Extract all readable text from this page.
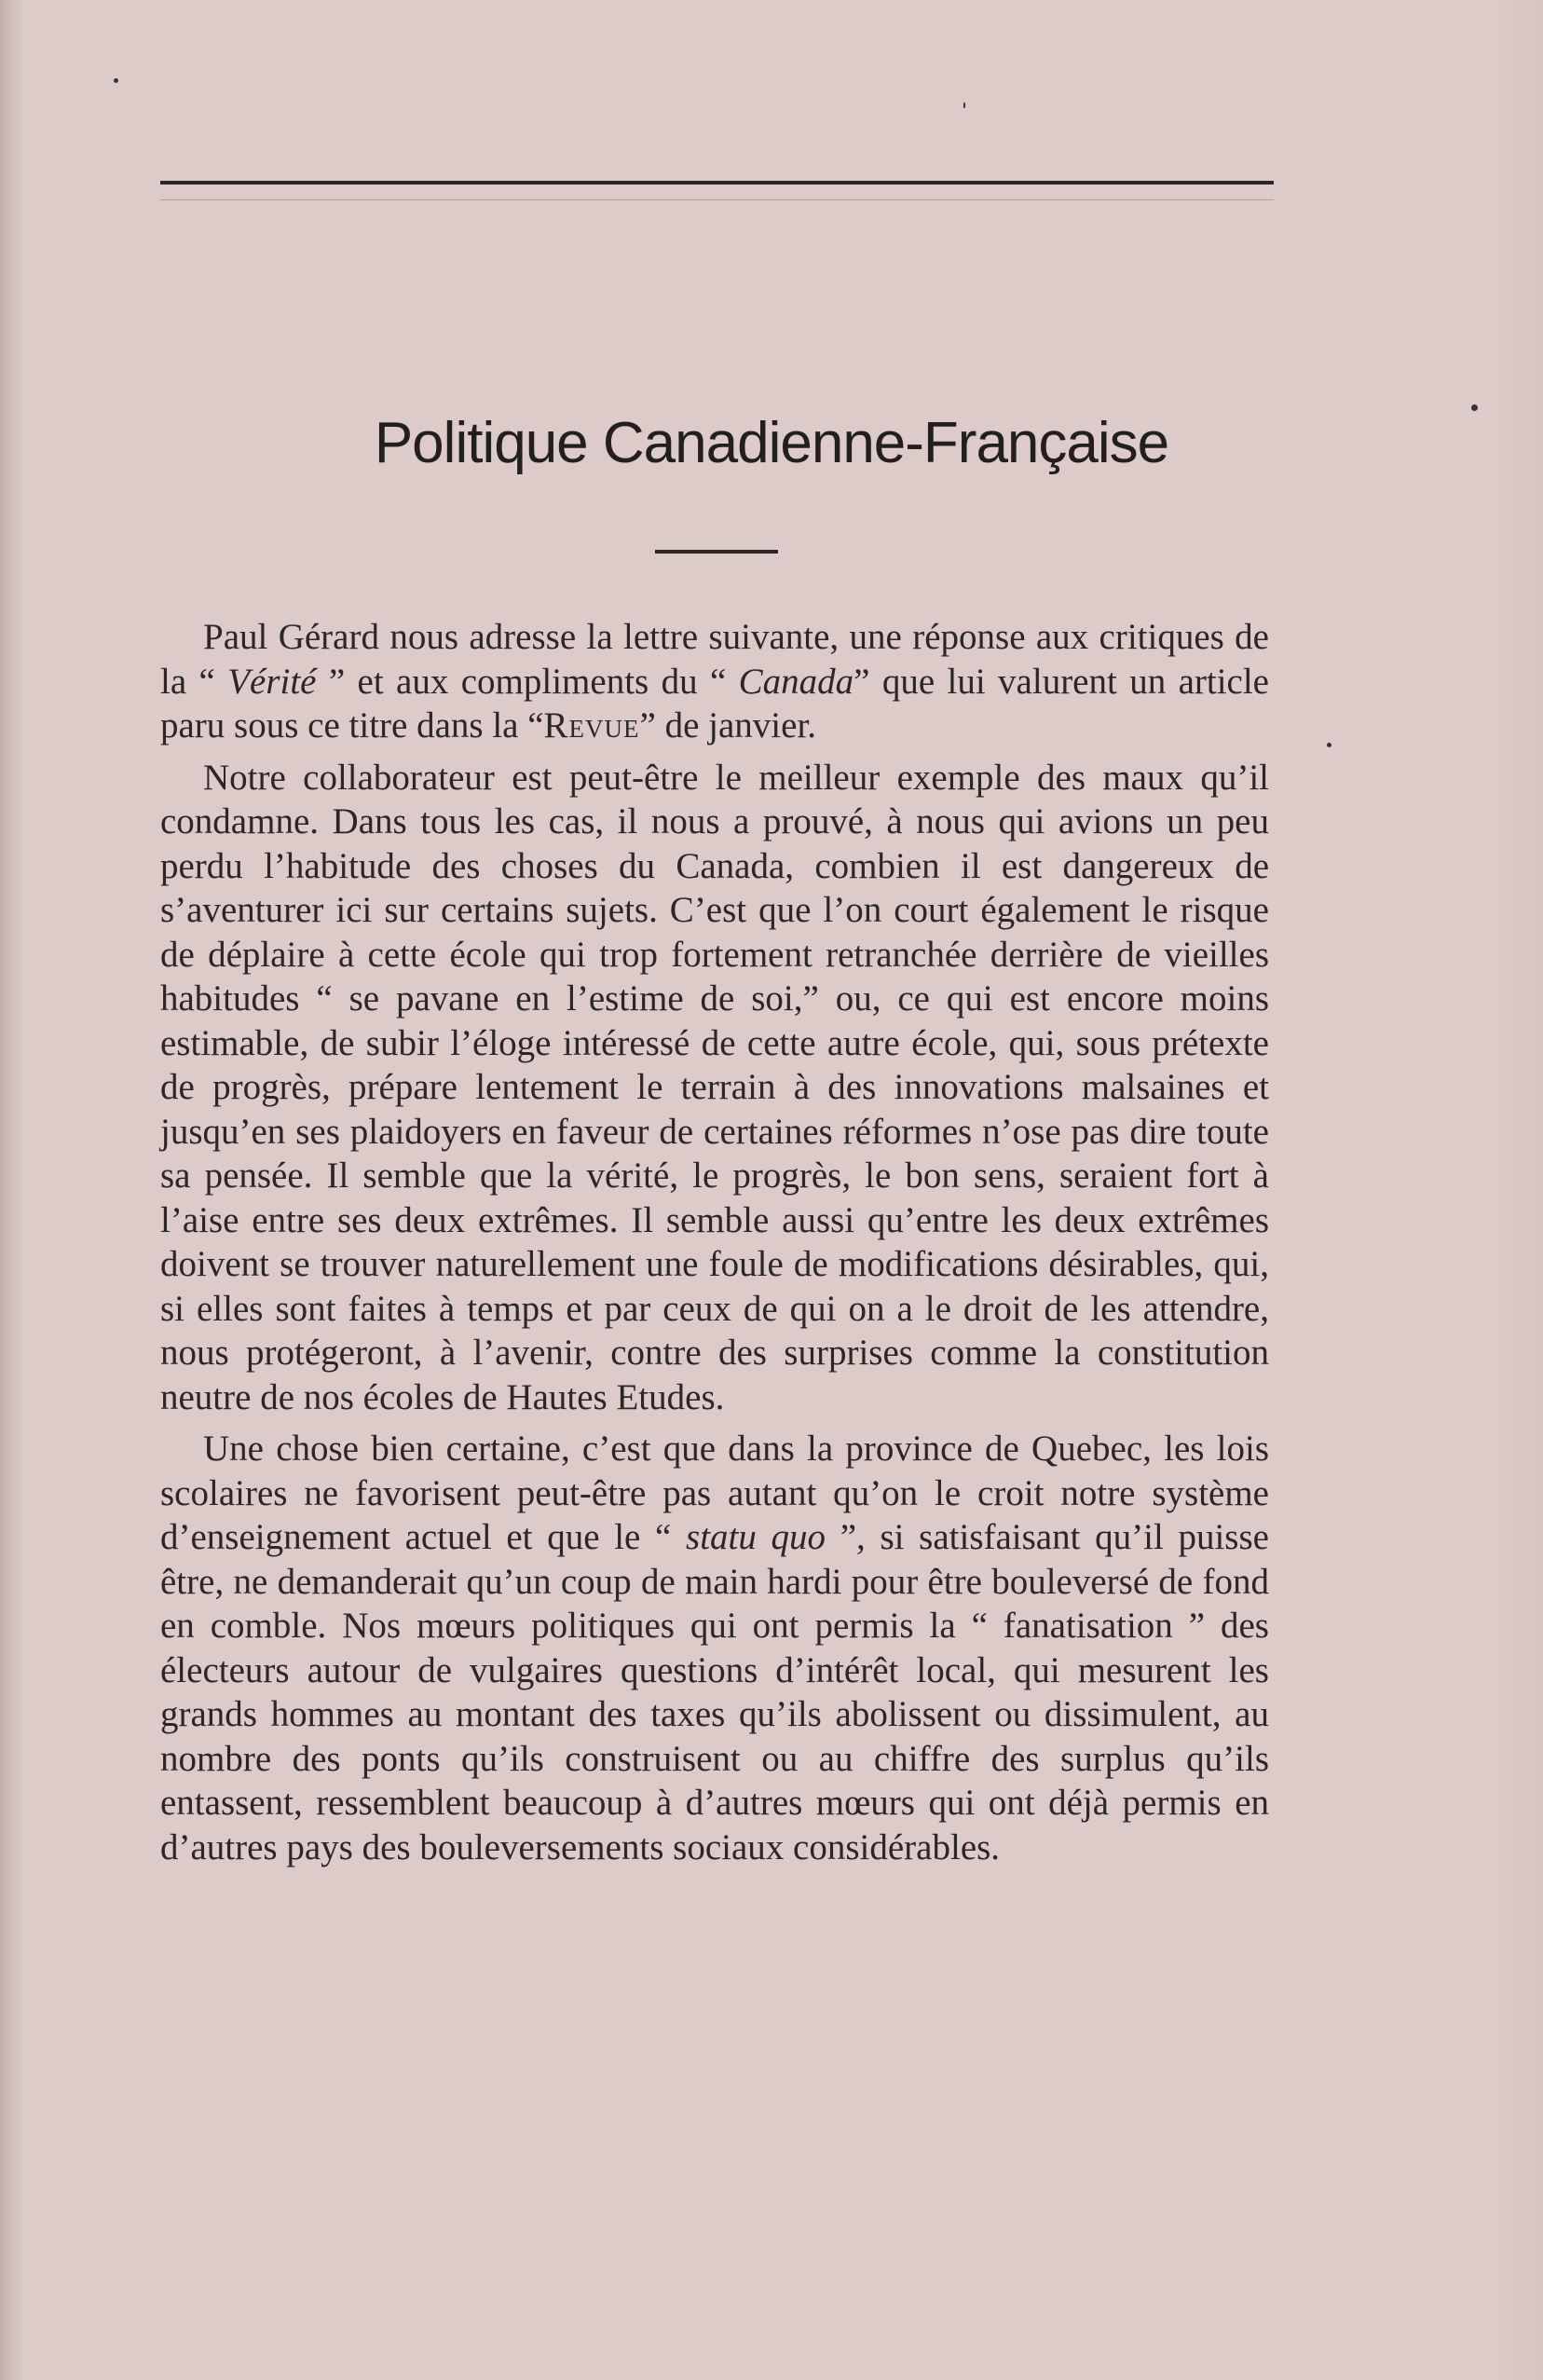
Politique Canadienne-Française

Paul Gérard nous adresse la lettre suivante, une réponse aux critiques de la “ Vérité ” et aux compliments du “ Canada” que lui valurent un article paru sous ce titre dans la “Revue” de janvier.

Notre collaborateur est peut-être le meilleur exemple des maux qu’il condamne. Dans tous les cas, il nous a prouvé, à nous qui avions un peu perdu l’habitude des choses du Canada, combien il est dangereux de s’aventurer ici sur certains sujets. C’est que l’on court également le risque de déplaire à cette école qui trop fortement retranchée derrière de vieilles habitudes “ se pavane en l’estime de soi,” ou, ce qui est encore moins estimable, de subir l’éloge intéressé de cette autre école, qui, sous prétexte de progrès, prépare lentement le terrain à des innovations malsaines et jusqu’en ses plaidoyers en faveur de certaines réformes n’ose pas dire toute sa pensée. Il semble que la vérité, le progrès, le bon sens, seraient fort à l’aise entre ses deux extrêmes. Il semble aussi qu’entre les deux extrêmes doivent se trouver naturellement une foule de modifications désirables, qui, si elles sont faites à temps et par ceux de qui on a le droit de les attendre, nous protégeront, à l’avenir, contre des surprises comme la constitution neutre de nos écoles de Hautes Etudes.

Une chose bien certaine, c’est que dans la province de Quebec, les lois scolaires ne favorisent peut-être pas autant qu’on le croit notre système d’enseignement actuel et que le “ statu quo ”, si satisfaisant qu’il puisse être, ne demanderait qu’un coup de main hardi pour être bouleversé de fond en comble. Nos mœurs politiques qui ont permis la “ fanatisation ” des électeurs autour de vulgaires questions d’intérêt local, qui mesurent les grands hommes au montant des taxes qu’ils abolissent ou dissimulent, au nombre des ponts qu’ils construisent ou au chiffre des surplus qu’ils entassent, ressemblent beaucoup à d’autres mœurs qui ont déjà permis en d’autres pays des bouleversements sociaux considérables.
